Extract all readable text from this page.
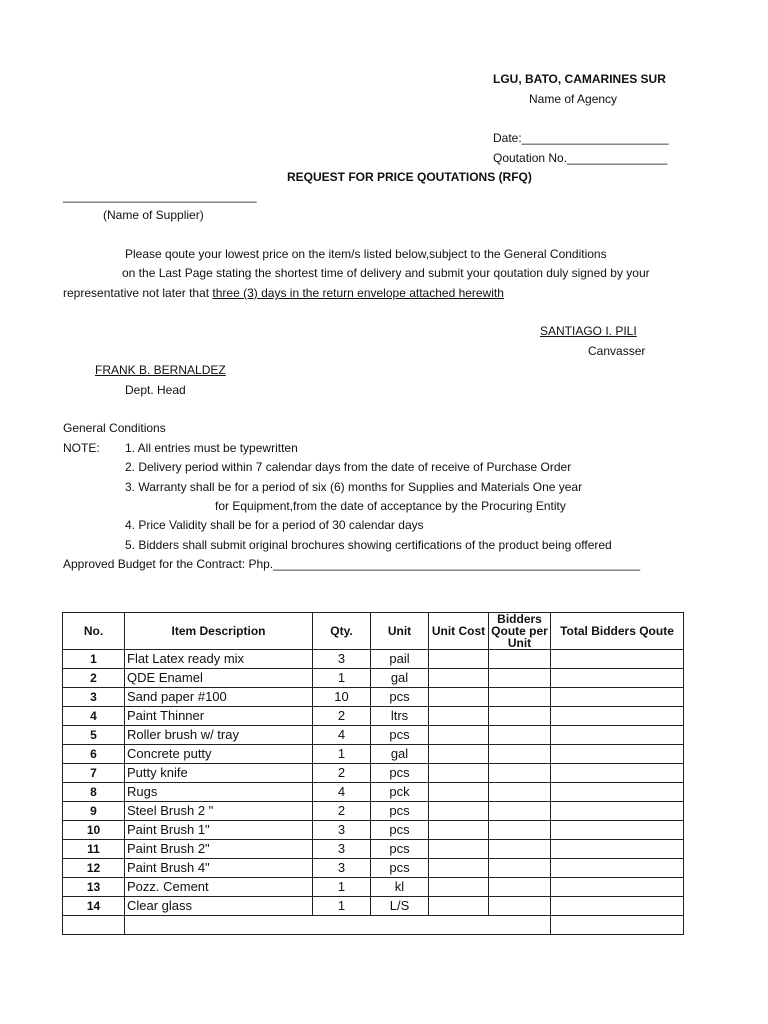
LGU, BATO, CAMARINES SUR
Name of Agency
Date:______________________
Qoutation No._______________
REQUEST FOR PRICE QOUTATIONS (RFQ)
_____________________________
(Name of Supplier)
Please qoute your lowest price on the item/s listed below,subject to the General Conditions
on the Last Page stating the shortest time of delivery and submit your qoutation duly signed by your
representative not later that three (3) days in the return envelope attached herewith
SANTIAGO I. PILI
Canvasser
FRANK B. BERNALDEZ
Dept. Head
General Conditions
NOTE: 1. All entries must be typewritten
2. Delivery period within 7 calendar days from the date of receive of Purchase Order
3. Warranty shall be for a period of six (6) months for Supplies and Materials One year
for Equipment,from the date of acceptance by the Procuring Entity
4. Price Validity shall be for a period of 30 calendar days
5. Bidders shall submit original brochures showing certifications of the product being offered
Approved Budget for the Contract: Php._______________________________________________________
No.	Item Description	Qty.	Unit	Unit Cost	Bidders Qoute per Unit	Total Bidders Qoute
1	Flat Latex ready mix	3	pail			
2	QDE Enamel	1	gal			
3	Sand paper #100	10	pcs			
4	Paint Thinner	2	ltrs			
5	Roller brush w/ tray	4	pcs			
6	Concrete putty	1	gal			
7	Putty knife	2	pcs			
8	Rugs	4	pck			
9	Steel Brush 2 "	2	pcs			
10	Paint Brush 1"	3	pcs			
11	Paint Brush 2"	3	pcs			
12	Paint Brush 4"	3	pcs			
13	Pozz. Cement	1	kl			
14	Clear glass	1	L/S			
